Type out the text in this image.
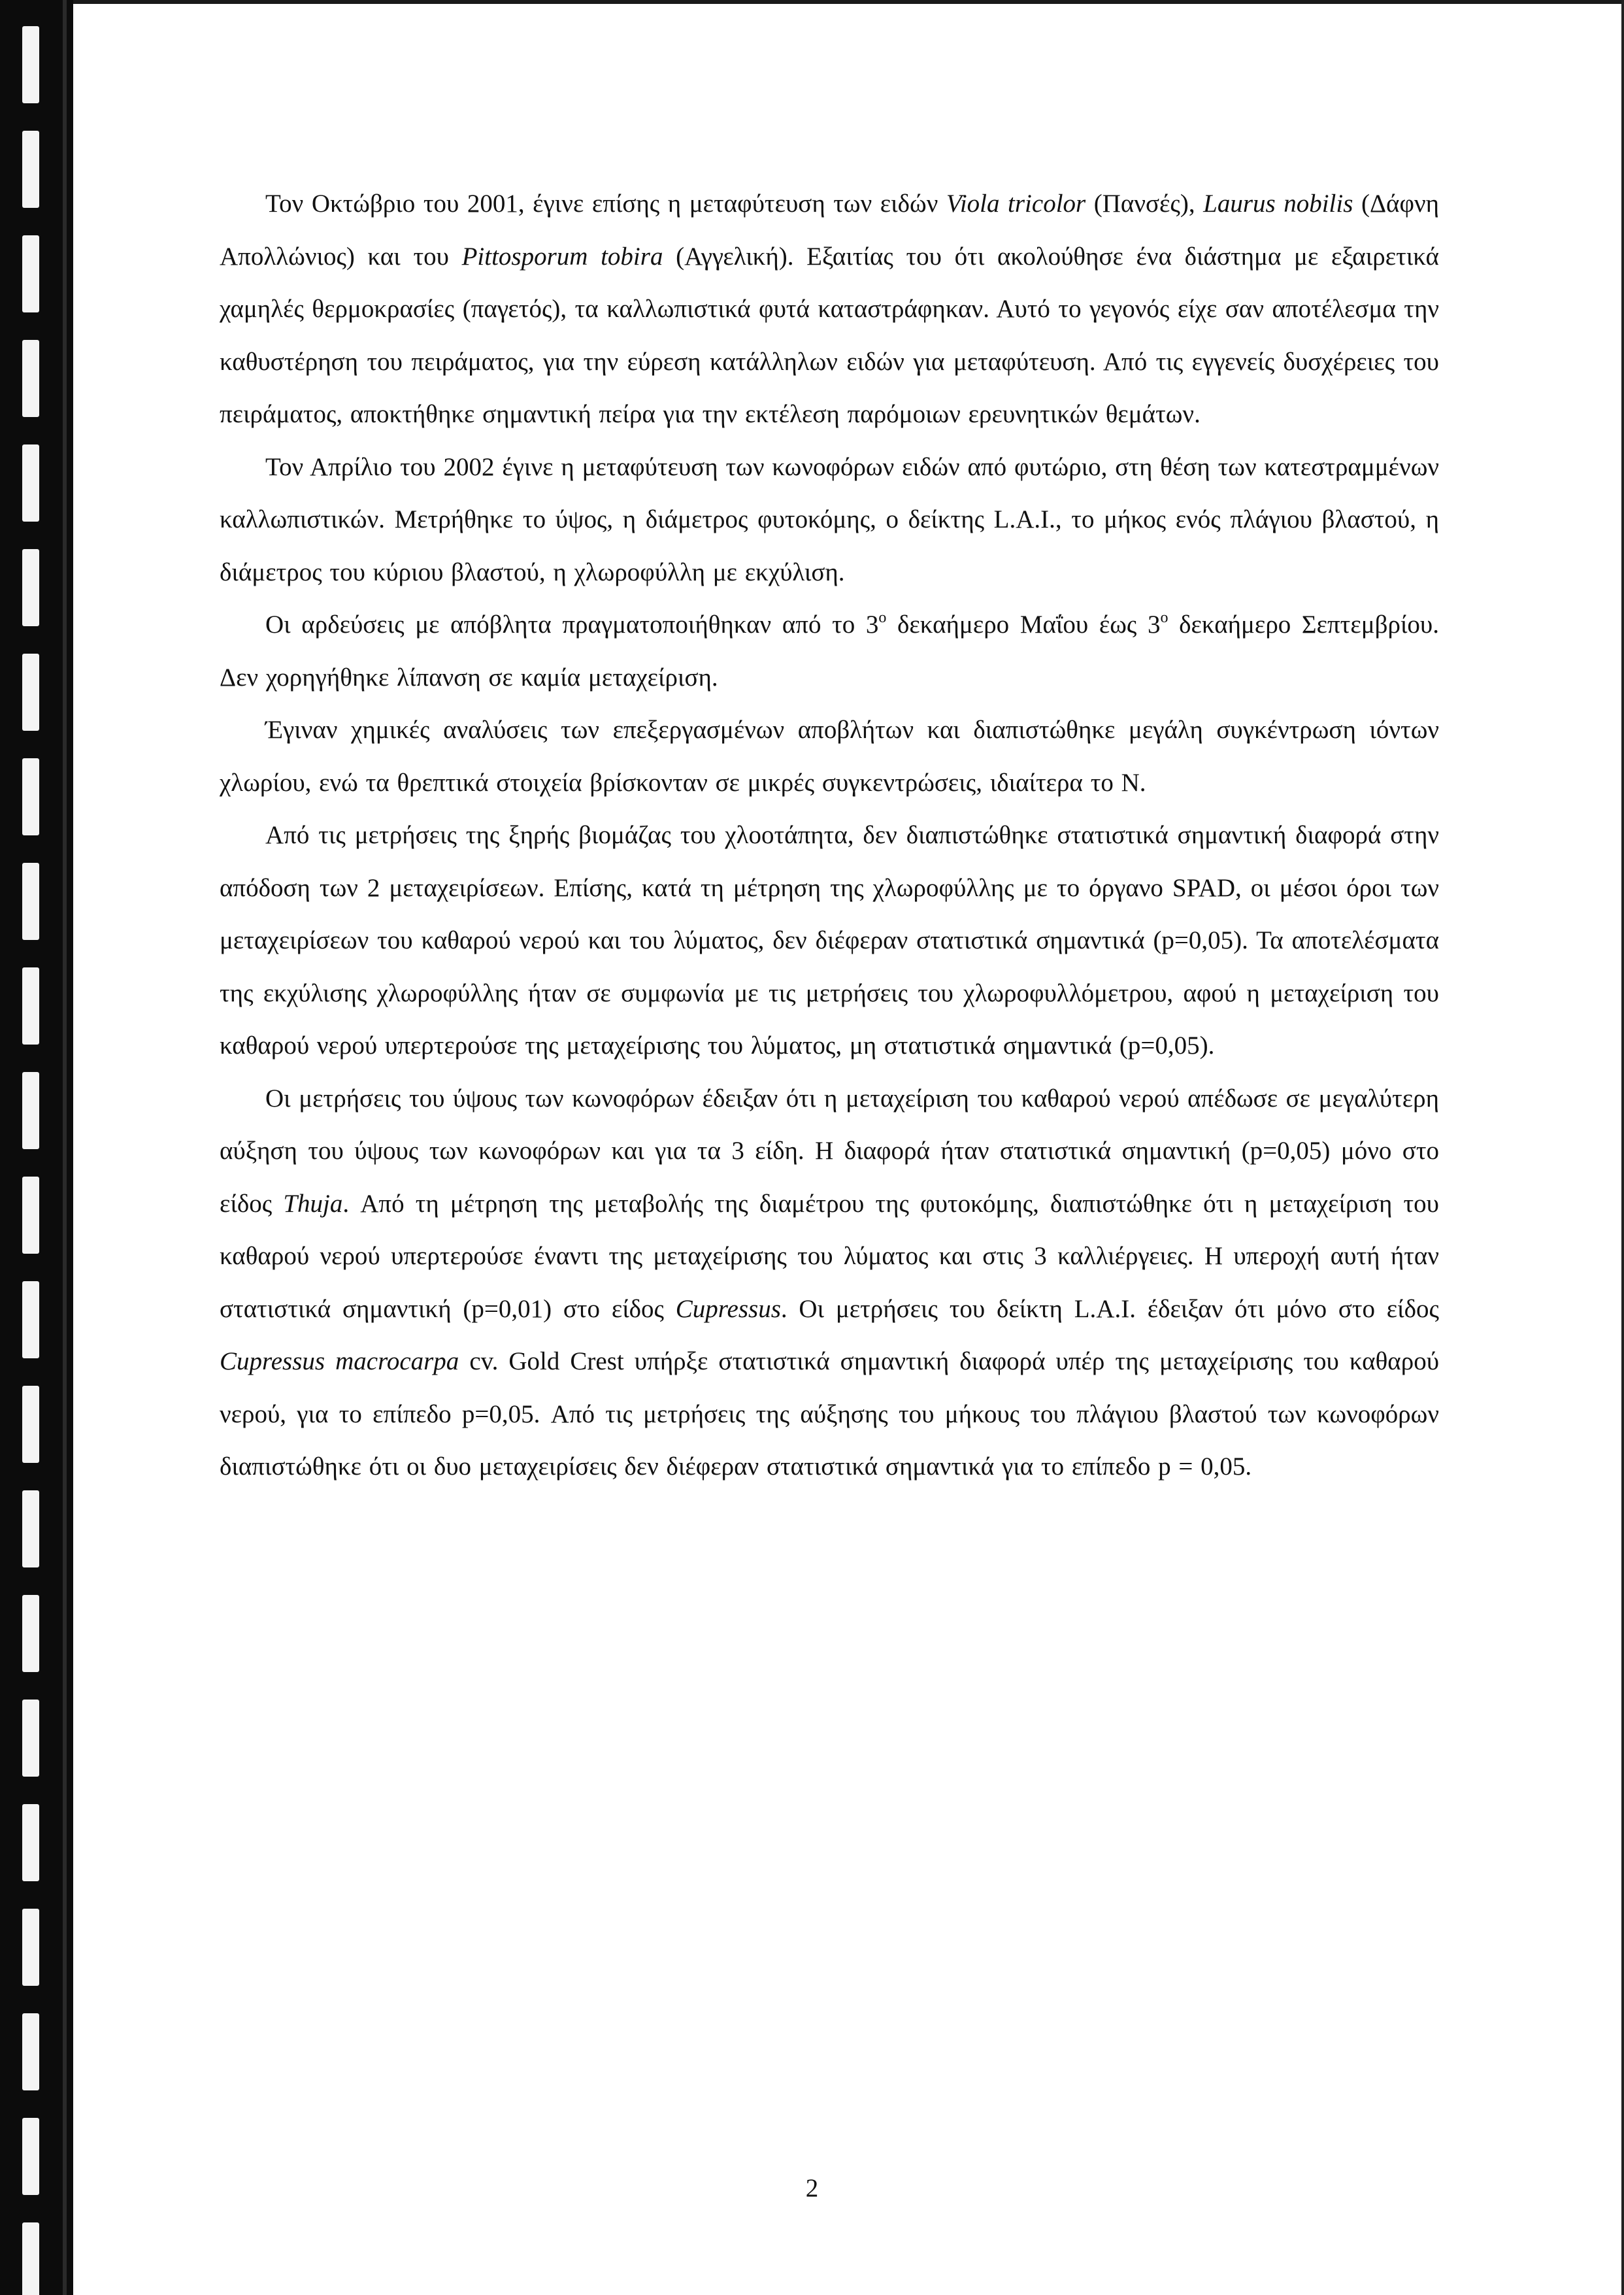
Τον Οκτώβριο του 2001, έγινε επίσης η μεταφύτευση των ειδών Viola tricolor (Πανσές), Laurus nobilis (Δάφνη Απολλώνιος) και του Pittosporum tobira (Αγγελική). Εξαιτίας του ότι ακολούθησε ένα διάστημα με εξαιρετικά χαμηλές θερμοκρασίες (παγετός), τα καλλωπιστικά φυτά καταστράφηκαν. Αυτό το γεγονός είχε σαν αποτέλεσμα την καθυστέρηση του πειράματος, για την εύρεση κατάλληλων ειδών για μεταφύτευση. Από τις εγγενείς δυσχέρειες του πειράματος, αποκτήθηκε σημαντική πείρα για την εκτέλεση παρόμοιων ερευνητικών θεμάτων.

Τον Απρίλιο του 2002 έγινε η μεταφύτευση των κωνοφόρων ειδών από φυτώριο, στη θέση των κατεστραμμένων καλλωπιστικών. Μετρήθηκε το ύψος, η διάμετρος φυτοκόμης, ο δείκτης L.A.I., το μήκος ενός πλάγιου βλαστού, η διάμετρος του κύριου βλαστού, η χλωροφύλλη με εκχύλιση.

Οι αρδεύσεις με απόβλητα πραγματοποιήθηκαν από το $3^o$ δεκαήμερο Μαΐου έως $3^o$ δεκαήμερο Σεπτεμβρίου. Δεν χορηγήθηκε λίπανση σε καμία μεταχείριση.

Έγιναν χημικές αναλύσεις των επεξεργασμένων αποβλήτων και διαπιστώθηκε μεγάλη συγκέντρωση ιόντων χλωρίου, ενώ τα θρεπτικά στοιχεία βρίσκονταν σε μικρές συγκεντρώσεις, ιδιαίτερα το Ν.

Από τις μετρήσεις της ξηρής βιομάζας του χλοοτάπητα, δεν διαπιστώθηκε στατιστικά σημαντική διαφορά στην απόδοση των 2 μεταχειρίσεων. Επίσης, κατά τη μέτρηση της χλωροφύλλης με το όργανο SPAD, οι μέσοι όροι των μεταχειρίσεων του καθαρού νερού και του λύματος, δεν διέφεραν στατιστικά σημαντικά (p=0,05). Τα αποτελέσματα της εκχύλισης χλωροφύλλης ήταν σε συμφωνία με τις μετρήσεις του χλωροφυλλόμετρου, αφού η μεταχείριση του καθαρού νερού υπερτερούσε της μεταχείρισης του λύματος, μη στατιστικά σημαντικά (p=0,05).

Οι μετρήσεις του ύψους των κωνοφόρων έδειξαν ότι η μεταχείριση του καθαρού νερού απέδωσε σε μεγαλύτερη αύξηση του ύψους των κωνοφόρων και για τα 3 είδη. Η διαφορά ήταν στατιστικά σημαντική (p=0,05) μόνο στο είδος Thuja. Από τη μέτρηση της μεταβολής της διαμέτρου της φυτοκόμης, διαπιστώθηκε ότι η μεταχείριση του καθαρού νερού υπερτερούσε έναντι της μεταχείρισης του λύματος και στις 3 καλλιέργειες. Η υπεροχή αυτή ήταν στατιστικά σημαντική (p=0,01) στο είδος Cupressus. Οι μετρήσεις του δείκτη L.A.I. έδειξαν ότι μόνο στο είδος Cupressus macrocarpa cv. Gold Crest υπήρξε στατιστικά σημαντική διαφορά υπέρ της μεταχείρισης του καθαρού νερού, για το επίπεδο p=0,05. Από τις μετρήσεις της αύξησης του μήκους του πλάγιου βλαστού των κωνοφόρων διαπιστώθηκε ότι οι δυο μεταχειρίσεις δεν διέφεραν στατιστικά σημαντικά για το επίπεδο p = 0,05.

2
